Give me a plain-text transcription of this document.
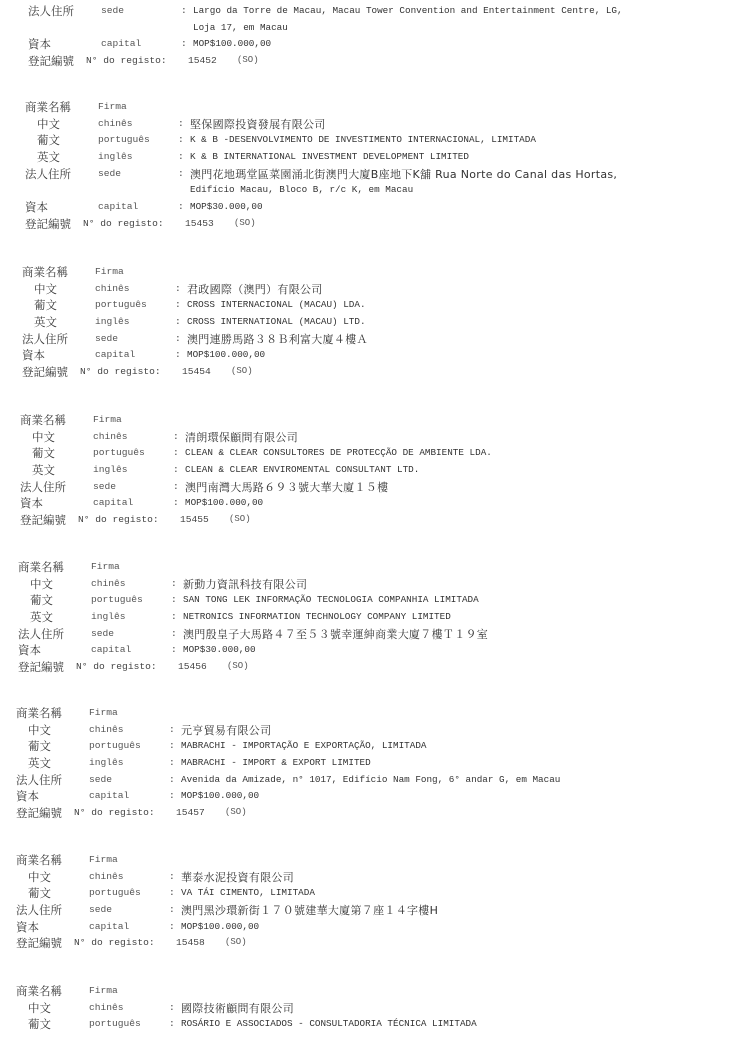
法人住所	sede	: Largo da Torre de Macau, Macau Tower Convention and Entertainment Centre, LG,
Loja 17, em Macau
資本	capital	: MOP$100.000,00
登記編號 N° do registo: 15452 (SO)
商業名稱	Firma
中文	chinês	: 堅保國際投資發展有限公司
葡文	português	: K & B -DESENVOLVIMENTO DE INVESTIMENTO INTERNACIONAL, LIMITADA
英文	inglês	: K & B INTERNATIONAL INVESTMENT DEVELOPMENT LIMITED
法人住所	sede	: 澳門花地瑪堂區菜園涌北街澳門大廈B座地下K舖 Rua Norte do Canal das Hortas,
Edifício Macau, Bloco B, r/c K, em Macau
資本	capital	: MOP$30.000,00
登記編號 N° do registo: 15453 (SO)
商業名稱	Firma
中文	chinês	: 君政國際（澳門）有限公司
葡文	português	: CROSS INTERNACIONAL (MACAU) LDA.
英文	inglês	: CROSS INTERNATIONAL (MACAU) LTD.
法人住所	sede	: 澳門連勝馬路３８Ｂ利富大廈４樓Ａ
資本	capital	: MOP$100.000,00
登記編號 N° do registo: 15454 (SO)
商業名稱	Firma
中文	chinês	: 清朗環保顧問有限公司
葡文	português	: CLEAN & CLEAR CONSULTORES DE PROTECÇÃO DE AMBIENTE LDA.
英文	inglês	: CLEAN & CLEAR ENVIROMENTAL CONSULTANT LTD.
法人住所	sede	: 澳門南灣大馬路６９３號大華大廈１５樓
資本	capital	: MOP$100.000,00
登記編號 N° do registo: 15455 (SO)
商業名稱	Firma
中文	chinês	: 新動力資訊科技有限公司
葡文	português	: SAN TONG LEK INFORMAÇÃO TECNOLOGIA COMPANHIA LIMITADA
英文	inglês	: NETRONICS INFORMATION TECHNOLOGY COMPANY LIMITED
法人住所	sede	: 澳門殷皇子大馬路４７至５３號幸運紳商業大廈７樓Ｔ１９室
資本	capital	: MOP$30.000,00
登記編號 N° do registo: 15456 (SO)
商業名稱	Firma
中文	chinês	: 元亨貿易有限公司
葡文	português	: MABRACHI - IMPORTAÇÃO E EXPORTAÇÃO, LIMITADA
英文	inglês	: MABRACHI - IMPORT & EXPORT LIMITED
法人住所	sede	: Avenida da Amizade, n° 1017, Edifício Nam Fong, 6° andar G, em Macau
資本	capital	: MOP$100.000,00
登記編號 N° do registo: 15457 (SO)
商業名稱	Firma
中文	chinês	: 華泰水泥投資有限公司
葡文	português	: VA TÁI CIMENTO, LIMITADA
法人住所	sede	: 澳門黑沙環新街１７０號建華大廈第７座１４字樓H
資本	capital	: MOP$100.000,00
登記編號 N° do registo: 15458 (SO)
商業名稱	Firma
中文	chinês	: 國際技術顧問有限公司
葡文	português	: ROSÁRIO E ASSOCIADOS - CONSULTADORIA TÉCNICA LIMITADA
